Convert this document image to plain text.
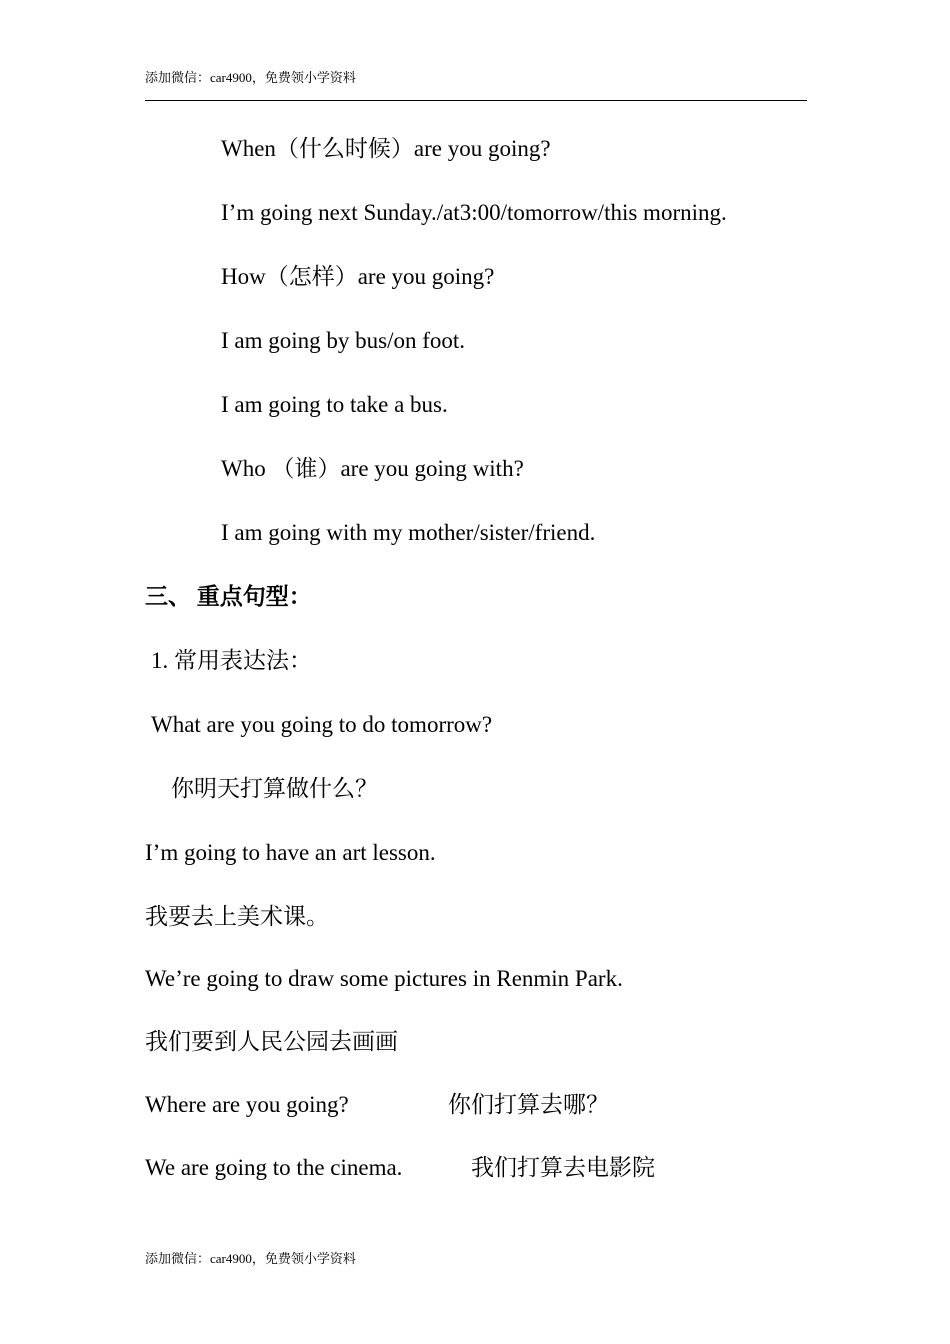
添加微信：car4900，免费领小学资料
When（什么时候）are you going?
I’m going next Sunday./at3:00/tomorrow/this morning.
How（怎样）are you going?
I am going by bus/on foot.
I am going to take a bus.
Who （谁）are you going with?
I am going with my mother/sister/friend.
三、 重点句型：
1. 常用表达法：
What are you going to do tomorrow?
你明天打算做什么？
I’m going to have an art lesson.
我要去上美术课。
We’re going to draw some pictures in Renmin Park.
我们要到人民公园去画画
Where are you going?	你们打算去哪？
We are going to the cinema.	我们打算去电影院
添加微信：car4900，免费领小学资料
